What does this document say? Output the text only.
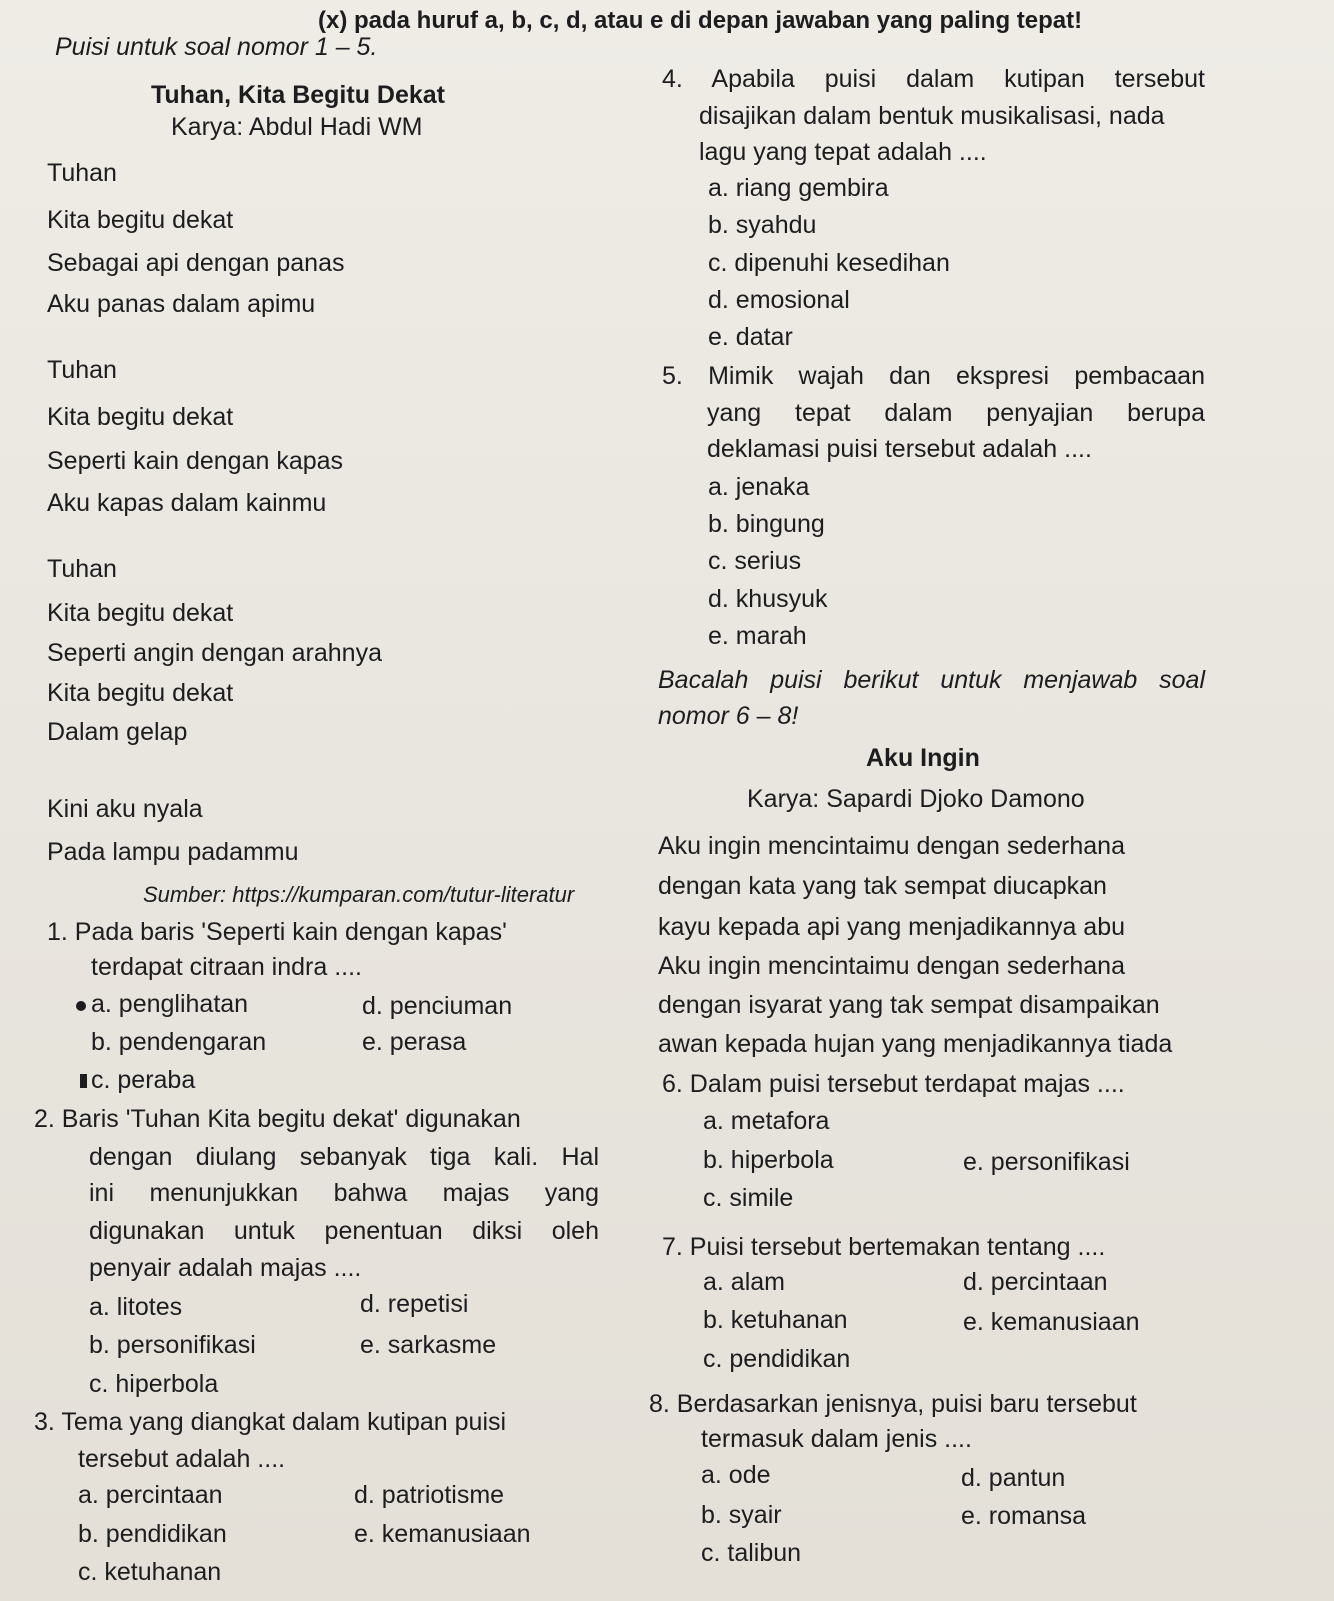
(x) pada huruf a, b, c, d, atau e di depan jawaban yang paling tepat!
Puisi untuk soal nomor 1 – 5.
Tuhan, Kita Begitu Dekat
Karya: Abdul Hadi WM
Tuhan
Kita begitu dekat
Sebagai api dengan panas
Aku panas dalam apimu
Tuhan
Kita begitu dekat
Seperti kain dengan kapas
Aku kapas dalam kainmu
Tuhan
Kita begitu dekat
Seperti angin dengan arahnya
Kita begitu dekat
Dalam gelap
Kini aku nyala
Pada lampu padammu
Sumber: https://kumparan.com/tutur-literatur
1. Pada baris 'Seperti kain dengan kapas'
terdapat citraan indra ....
a. penglihatan	d. penciuman
b. pendengaran	e. perasa
c. peraba
2. Baris 'Tuhan Kita begitu dekat' digunakan
dengan diulang sebanyak tiga kali. Hal
ini menunjukkan bahwa majas yang
digunakan untuk penentuan diksi oleh
penyair adalah majas ....
a. litotes	d. repetisi
b. personifikasi	e. sarkasme
c. hiperbola
3. Tema yang diangkat dalam kutipan puisi
tersebut adalah ....
a. percintaan	d. patriotisme
b. pendidikan	e. kemanusiaan
c. ketuhanan
4. Apabila puisi dalam kutipan tersebut
disajikan dalam bentuk musikalisasi, nada
lagu yang tepat adalah ....
a. riang gembira
b. syahdu
c. dipenuhi kesedihan
d. emosional
e. datar
5. Mimik wajah dan ekspresi pembacaan
yang tepat dalam penyajian berupa
deklamasi puisi tersebut adalah ....
a. jenaka
b. bingung
c. serius
d. khusyuk
e. marah
Bacalah puisi berikut untuk menjawab soal
nomor 6 – 8!
Aku Ingin
Karya: Sapardi Djoko Damono
Aku ingin mencintaimu dengan sederhana
dengan kata yang tak sempat diucapkan
kayu kepada api yang menjadikannya abu
Aku ingin mencintaimu dengan sederhana
dengan isyarat yang tak sempat disampaikan
awan kepada hujan yang menjadikannya tiada
6. Dalam puisi tersebut terdapat majas ....
a. metafora
b. hiperbola	e. personifikasi
c. simile
7. Puisi tersebut bertemakan tentang ....
a. alam	d. percintaan
b. ketuhanan	e. kemanusiaan
c. pendidikan
8. Berdasarkan jenisnya, puisi baru tersebut
termasuk dalam jenis ....
a. ode	d. pantun
b. syair	e. romansa
c. talibun
